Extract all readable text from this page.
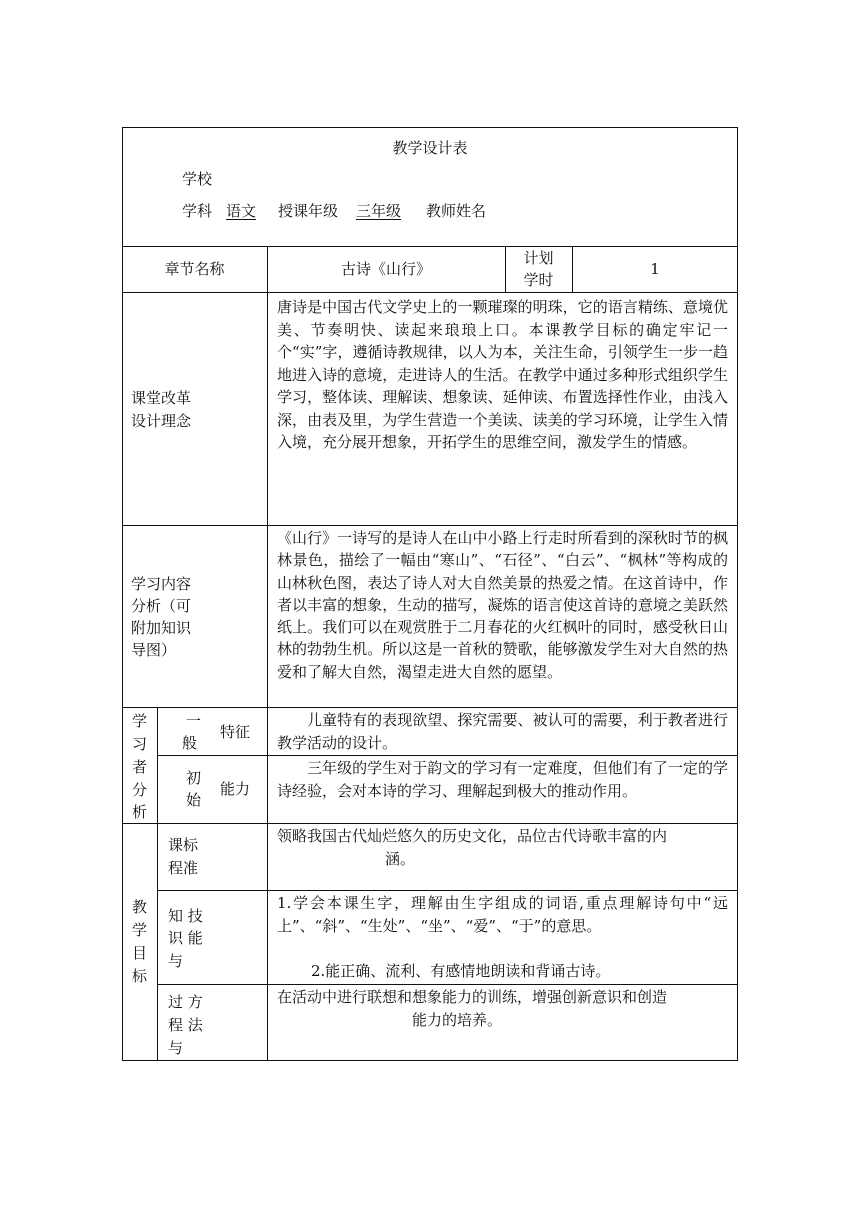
教学设计表
学校
学科 语文 授课年级 三年级 教师姓名
章节名称	古诗《山行》
计划
学时
1
课堂改革
设计理念
唐诗是中国古代文学史上的一颗璀璨的明珠，它的语言精练、意境优美、节奏明快、读起来琅琅上口。本课教学目标的确定牢记一个“实”字，遵循诗教规律，以人为本，关注生命，引领学生一步一趋地进入诗的意境，走进诗人的生活。在教学中通过多种形式组织学生学习，整体读、理解读、想象读、延伸读、布置选择性作业，由浅入深，由表及里，为学生营造一个美读、读美的学习环境，让学生入情入境，充分展开想象，开拓学生的思维空间，激发学生的情感。
学习内容
分析（可
附加知识
导图）
《山行》一诗写的是诗人在山中小路上行走时所看到的深秋时节的枫林景色，描绘了一幅由“寒山”、“石径”、“白云”、“枫林”等构成的山林秋色图，表达了诗人对大自然美景的热爱之情。在这首诗中，作者以丰富的想象，生动的描写，凝炼的语言使这首诗的意境之美跃然纸上。我们可以在观赏胜于二月春花的火红枫叶的同时，感受秋日山林的勃勃生机。所以这是一首秋的赞歌，能够激发学生对大自然的热爱和了解大自然，渴望走进大自然的愿望。
学
习
者
分
析
一
般
特征
儿童特有的表现欲望、探究需要、被认可的需要，利于教者进行教学活动的设计。
初
始
能力
三年级的学生对于韵文的学习有一定难度，但他们有了一定的学诗经验，会对本诗的学习、理解起到极大的推动作用。
教
学
目
标
课标
程准
领略我国古代灿烂悠久的历史文化，品位古代诗歌丰富的内
涵。
知 技
识 能
与
1.学会本课生字，理解由生字组成的词语,重点理解诗句中“远上”、“斜”、“生处”、“坐”、“爱”、“于”的意思。
2.能正确、流利、有感情地朗读和背诵古诗。
过 方
程 法
与
在活动中进行联想和想象能力的训练，增强创新意识和创造
能力的培养。
